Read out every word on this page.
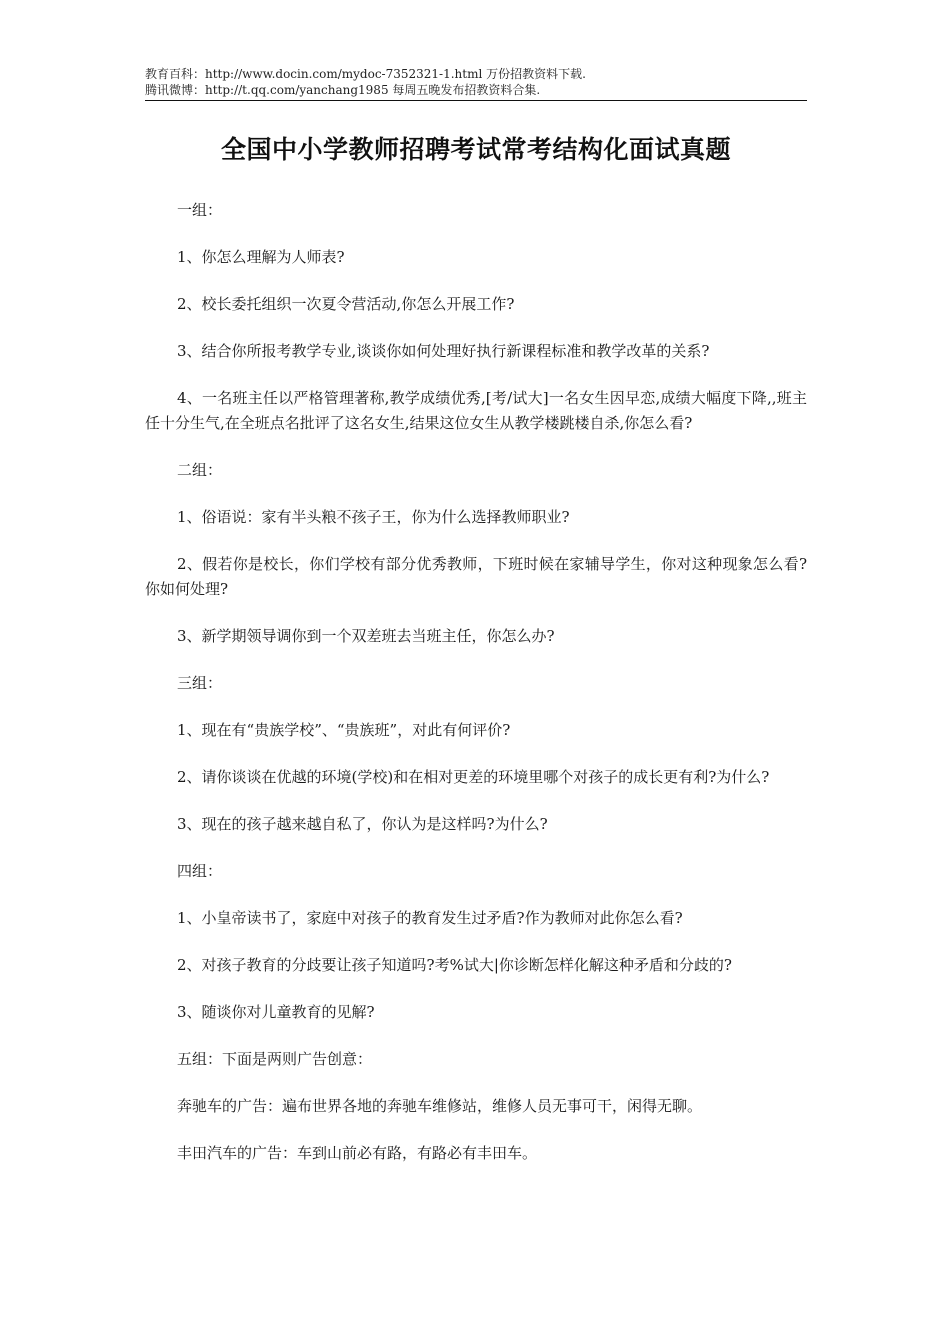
教育百科：http://www.docin.com/mydoc-7352321-1.html 万份招教资料下载.
腾讯微博：http://t.qq.com/yanchang1985 每周五晚发布招教资料合集.
全国中小学教师招聘考试常考结构化面试真题

一组：

1、你怎么理解为人师表?

2、校长委托组织一次夏令营活动,你怎么开展工作?

3、结合你所报考教学专业,谈谈你如何处理好执行新课程标准和教学改革的关系?

4、一名班主任以严格管理著称,教学成绩优秀,[考/试大]一名女生因早恋,成绩大幅度下降,,班主任十分生气,在全班点名批评了这名女生,结果这位女生从教学楼跳楼自杀,你怎么看?

二组：

1、俗语说：家有半头粮不孩子王，你为什么选择教师职业?

2、假若你是校长，你们学校有部分优秀教师，下班时候在家辅导学生，你对这种现象怎么看?你如何处理?

3、新学期领导调你到一个双差班去当班主任，你怎么办?

三组：

1、现在有“贵族学校”、“贵族班”，对此有何评价?

2、请你谈谈在优越的环境(学校)和在相对更差的环境里哪个对孩子的成长更有利?为什么?

3、现在的孩子越来越自私了，你认为是这样吗?为什么?

四组：

1、小皇帝读书了，家庭中对孩子的教育发生过矛盾?作为教师对此你怎么看?

2、对孩子教育的分歧要让孩子知道吗?考%试大|你诊断怎样化解这种矛盾和分歧的?

3、随谈你对儿童教育的见解?

五组：下面是两则广告创意：

奔驰车的广告：遍布世界各地的奔驰车维修站，维修人员无事可干，闲得无聊。

丰田汽车的广告：车到山前必有路，有路必有丰田车。
